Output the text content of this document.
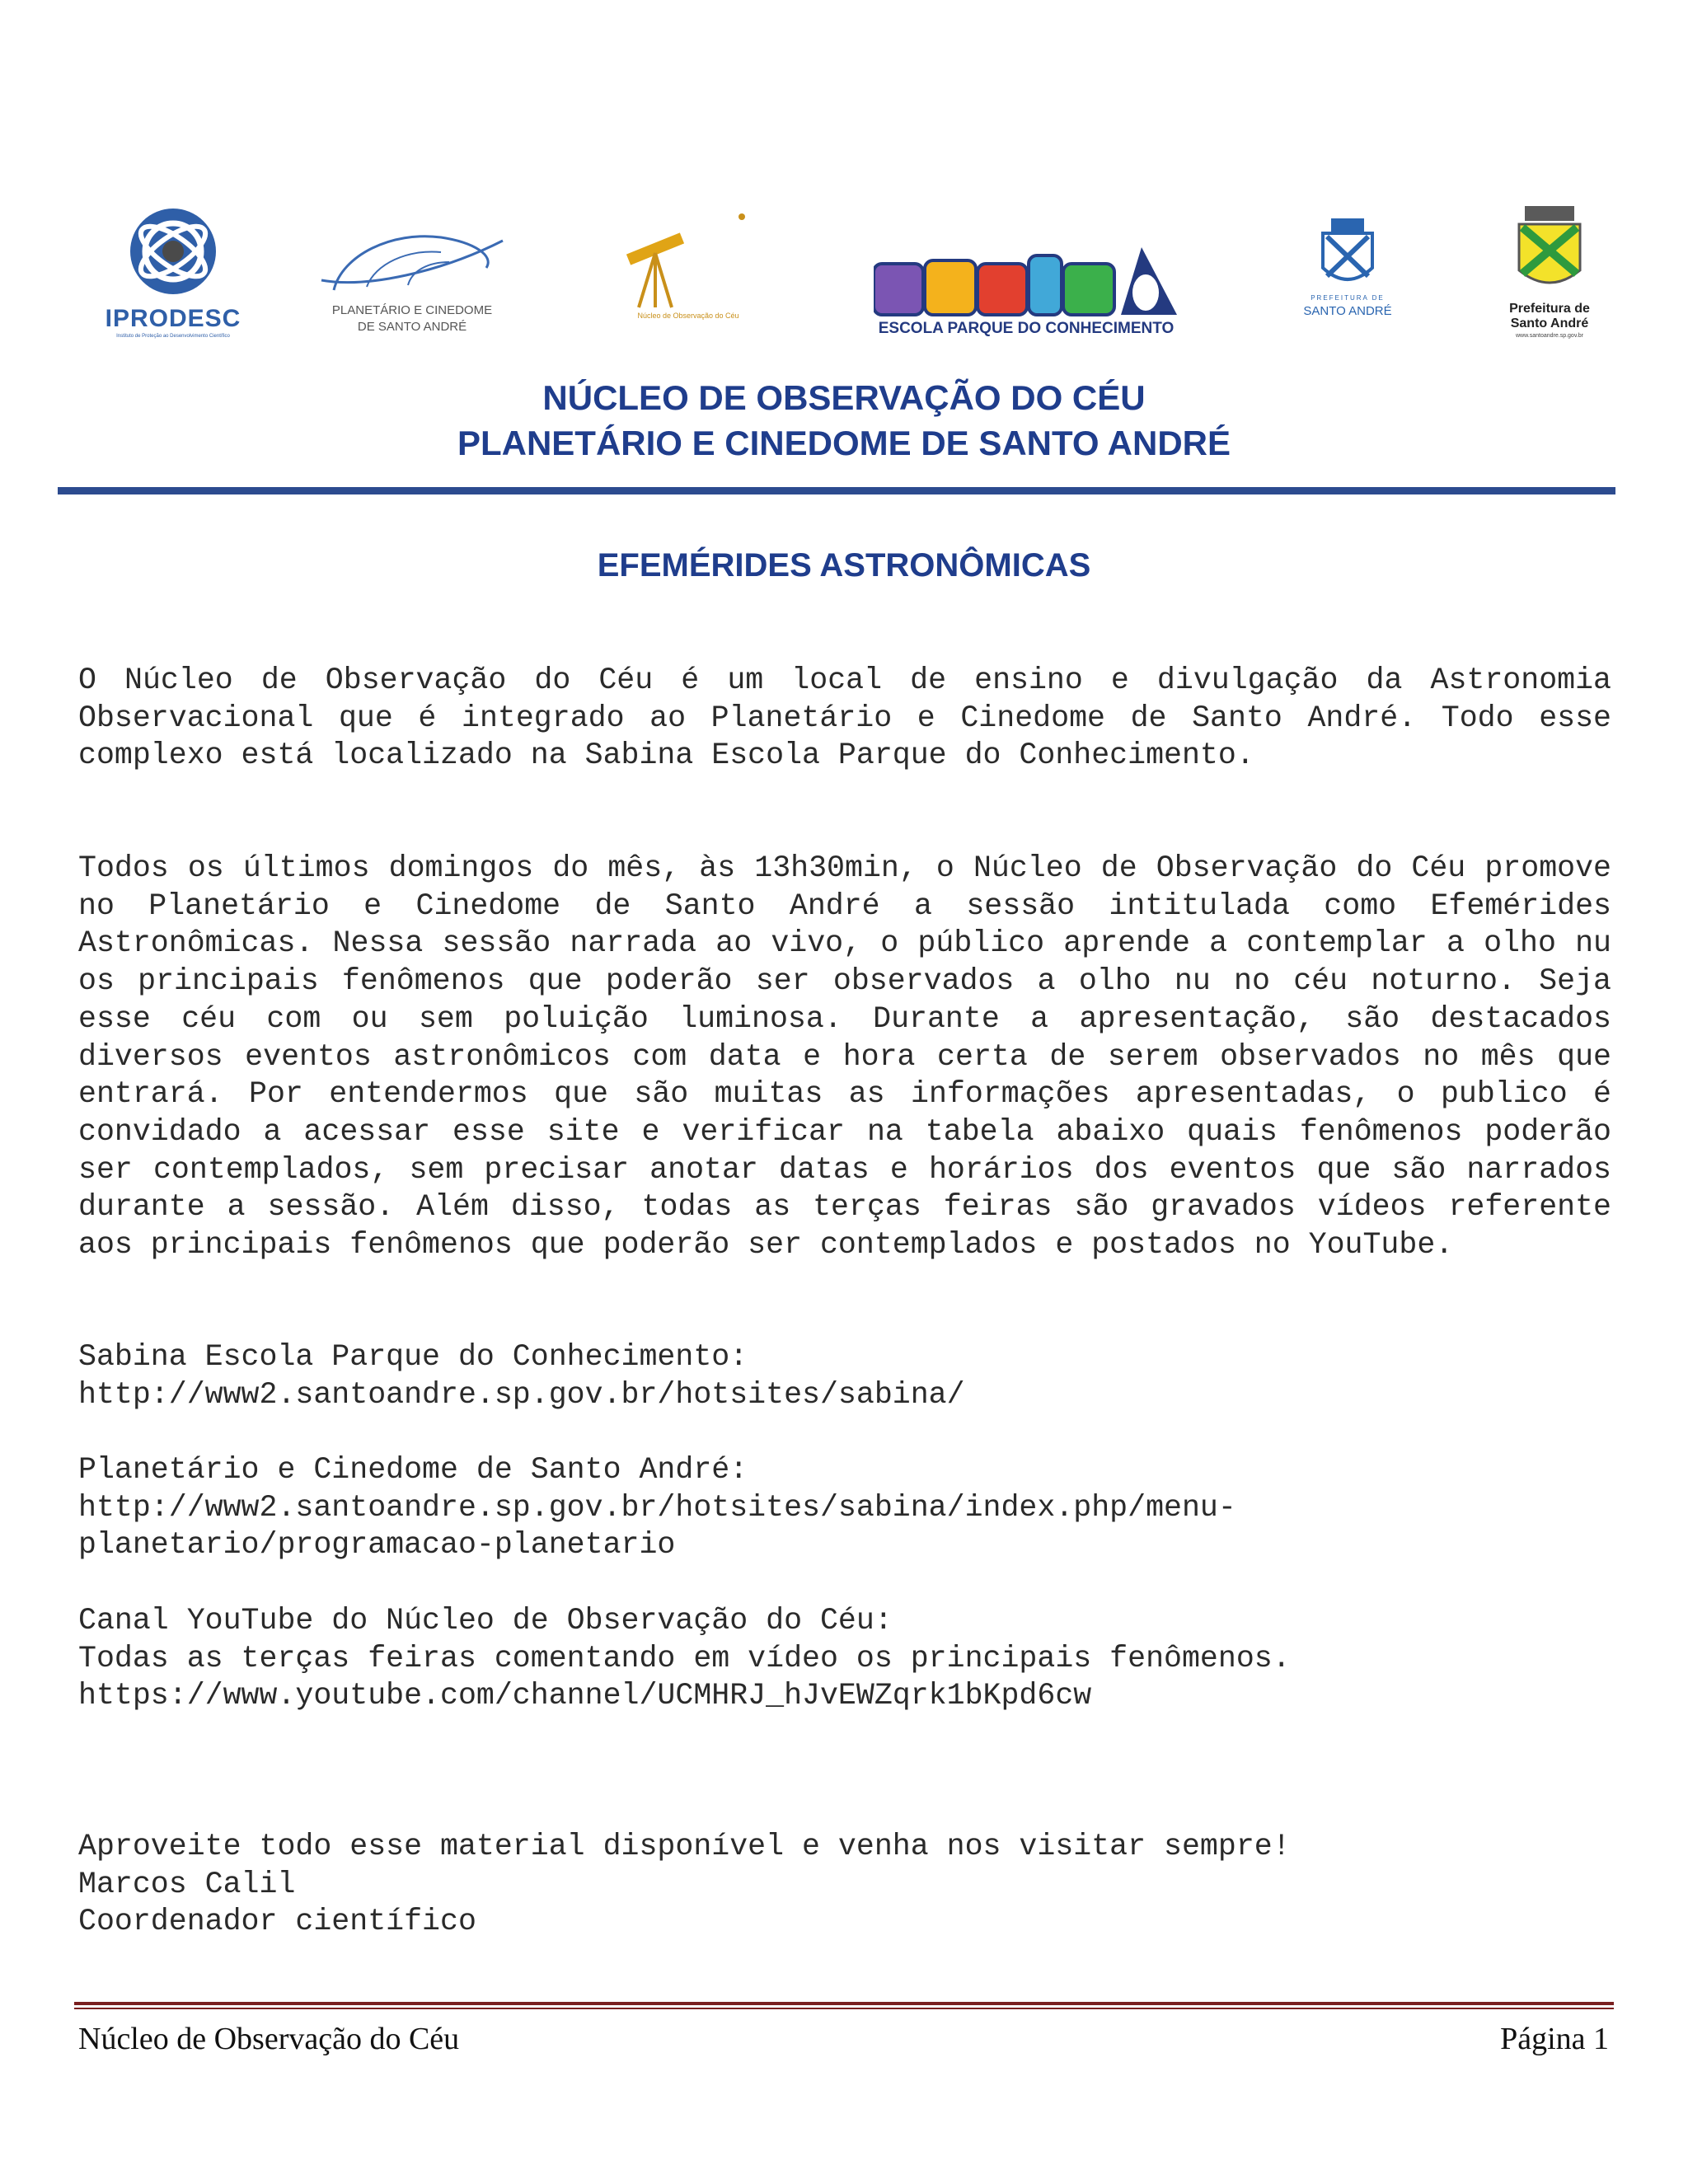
IPRODESC
Instituto de Proteção ao Desenvolvimento Científico
PLANETÁRIO E CINEDOME
DE SANTO ANDRÉ
Núcleo de Observação do Céu
ESCOLA PARQUE DO CONHECIMENTO
PREFEITURA DE
SANTO ANDRÉ	Prefeitura de
Santo André
www.santoandre.sp.gov.br
NÚCLEO DE OBSERVAÇÃO DO CÉU
PLANETÁRIO E CINEDOME DE SANTO ANDRÉ
EFEMÉRIDES ASTRONÔMICAS

O Núcleo de Observação do Céu é um local de ensino e divulgação da Astronomia Observacional que é integrado ao Planetário e Cinedome de Santo André. Todo esse complexo está localizado na Sabina Escola Parque do Conhecimento.

Todos os últimos domingos do mês, às 13h30min, o Núcleo de Observação do Céu promove no Planetário e Cinedome de Santo André a sessão intitulada como Efemérides Astronômicas. Nessa sessão narrada ao vivo, o público aprende a contemplar a olho nu os principais fenômenos que poderão ser observados a olho nu no céu noturno. Seja esse céu com ou sem poluição luminosa. Durante a apresentação, são destacados diversos eventos astronômicos com data e hora certa de serem observados no mês que entrará. Por entendermos que são muitas as informações apresentadas, o publico é convidado a acessar esse site e verificar na tabela abaixo quais fenômenos poderão ser contemplados, sem precisar anotar datas e horários dos eventos que são narrados durante a sessão. Além disso, todas as terças feiras são gravados vídeos referente aos principais fenômenos que poderão ser contemplados e postados no YouTube.

Sabina Escola Parque do Conhecimento:
http://www2.santoandre.sp.gov.br/hotsites/sabina/
Planetário e Cinedome de Santo André:
http://www2.santoandre.sp.gov.br/hotsites/sabina/index.php/menu-
planetario/programacao-planetario
Canal YouTube do Núcleo de Observação do Céu:
Todas as terças feiras comentando em vídeo os principais fenômenos.
https://www.youtube.com/channel/UCMHRJ_hJvEWZqrk1bKpd6cw
Aproveite todo esse material disponível e venha nos visitar sempre!
Marcos Calil
Coordenador científico
Núcleo de Observação do Céu	Página 1
